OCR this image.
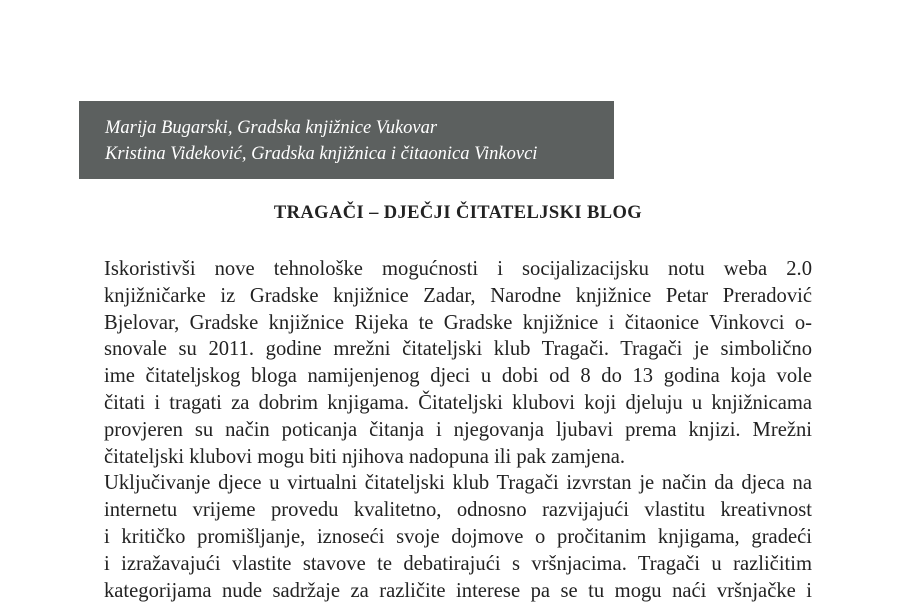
Marija Bugarski, Gradska knjižnice Vukovar
Kristina Videković, Gradska knjižnica i čitaonica Vinkovci
TRAGAČI – DJEČJI ČITATELJSKI BLOG
Iskoristivši nove tehnološke mogućnosti i socijalizacijsku notu weba 2.0
knjižničarke iz Gradske knjižnice Zadar, Narodne knjižnice Petar Preradović
Bjelovar, Gradske knjižnice Rijeka te Gradske knjižnice i čitaonice Vinkovci o-
snovale su 2011. godine mrežni čitateljski klub Tragači. Tragači je simbolično
ime čitateljskog bloga namijenjenog djeci u dobi od 8 do 13 godina koja vole
čitati i tragati za dobrim knjigama. Čitateljski klubovi koji djeluju u knjižnicama
provjeren su način poticanja čitanja i njegovanja ljubavi prema knjizi. Mrežni
čitateljski klubovi mogu biti njihova nadopuna ili pak zamjena.
Uključivanje djece u virtualni čitateljski klub Tragači izvrstan je način da djeca na
internetu vrijeme provedu kvalitetno, odnosno razvijajući vlastitu kreativnost
i kritičko promišljanje, iznoseći svoje dojmove o pročitanim knjigama, gradeći
i izražavajući vlastite stavove te debatirajući s vršnjacima. Tragači u različitim
kategorijama nude sadržaje za različite interese pa se tu mogu naći vršnjačke i
